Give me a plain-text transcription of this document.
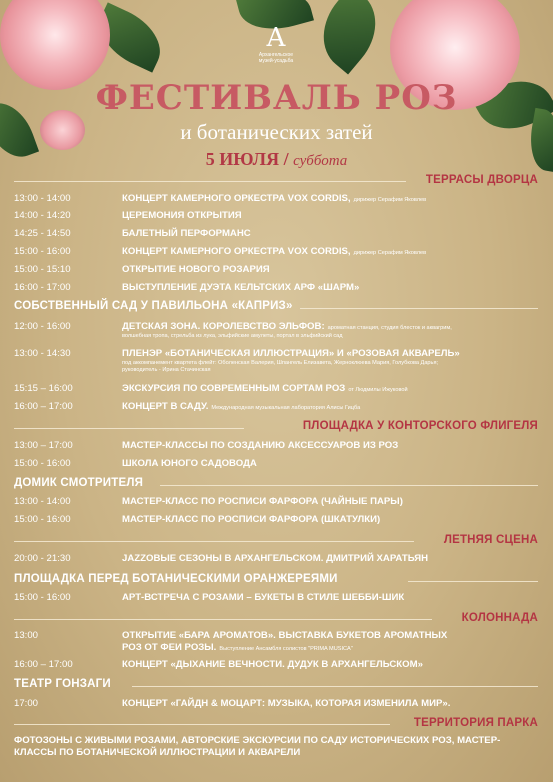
А
Архангельское
музей-усадьба
ФЕСТИВАЛЬ РОЗ
и ботанических затей
5 ИЮЛЯ / суббота
ТЕРРАСЫ ДВОРЦА
13:00 - 14:00	КОНЦЕРТ КАМЕРНОГО ОРКЕСТРА VOX CORDIS, дирижер Серафим Яковлев
14:00 - 14:20	ЦЕРЕМОНИЯ ОТКРЫТИЯ
14:25 - 14:50	БАЛЕТНЫЙ ПЕРФОРМАНС
15:00 - 16:00	КОНЦЕРТ КАМЕРНОГО ОРКЕСТРА VOX CORDIS, дирижер Серафим Яковлев
15:00 - 15:10	ОТКРЫТИЕ НОВОГО РОЗАРИЯ
16:00 - 17:00	ВЫСТУПЛЕНИЕ ДУЭТА КЕЛЬТСКИХ АРФ «ШАРМ»
СОБСТВЕННЫЙ САД У ПАВИЛЬОНА «КАПРИЗ»
12:00 - 16:00	ДЕТСКАЯ ЗОНА. КОРОЛЕВСТВО ЭЛЬФОВ: ароматная станция, студия блесток и аквагрим,
волшебная тропа, стрельба из лука, эльфийские амулеты, портал в эльфийский сад
13:00 - 14:30	ПЛЕНЭР «БОТАНИЧЕСКАЯ ИЛЛЮСТРАЦИЯ» И «РОЗОВАЯ АКВАРЕЛЬ»
под аккомпанемент квартета флейт: Оболенская Валерия, Шпангель Елизавета, Жерноклюева Мария, Голубкова Дарья;
руководитель - Ирина Стачинская
15:15 – 16:00	ЭКСКУРСИЯ ПО СОВРЕМЕННЫМ СОРТАМ РОЗ от Людмилы Ижуковой
16:00 – 17:00	КОНЦЕРТ В САДУ. Международная музыкальная лаборатория Алисы Гицба
ПЛОЩАДКА У КОНТОРСКОГО ФЛИГЕЛЯ
13:00 – 17:00	МАСТЕР-КЛАССЫ ПО СОЗДАНИЮ АКСЕССУАРОВ ИЗ РОЗ
15:00 - 16:00	ШКОЛА ЮНОГО САДОВОДА
ДОМИК СМОТРИТЕЛЯ
13:00 - 14:00	МАСТЕР-КЛАСС ПО РОСПИСИ ФАРФОРА (ЧАЙНЫЕ ПАРЫ)
15:00 - 16:00	МАСТЕР-КЛАСС ПО РОСПИСИ ФАРФОРА (ШКАТУЛКИ)
ЛЕТНЯЯ СЦЕНА
20:00 - 21:30	JAZZОВЫЕ СЕЗОНЫ В АРХАНГЕЛЬСКОМ. ДМИТРИЙ ХАРАТЬЯН
ПЛОЩАДКА ПЕРЕД БОТАНИЧЕСКИМИ ОРАНЖЕРЕЯМИ
15:00 - 16:00	АРТ-ВСТРЕЧА С РОЗАМИ – БУКЕТЫ В СТИЛЕ ШЕББИ-ШИК
КОЛОННАДА
13:00	ОТКРЫТИЕ «БАРА АРОМАТОВ». ВЫСТАВКА БУКЕТОВ АРОМАТНЫХ
РОЗ ОТ ФЕИ РОЗЫ. Выступление Ансамбля солистов "PRIMA MUSICA"
16:00 – 17:00	КОНЦЕРТ «ДЫХАНИЕ ВЕЧНОСТИ. ДУДУК В АРХАНГЕЛЬСКОМ»
ТЕАТР ГОНЗАГИ
17:00	КОНЦЕРТ «ГАЙДН & МОЦАРТ: МУЗЫКА, КОТОРАЯ ИЗМЕНИЛА МИР».
ТЕРРИТОРИЯ ПАРКА
ФОТОЗОНЫ С ЖИВЫМИ РОЗАМИ, АВТОРСКИЕ ЭКСКУРСИИ ПО САДУ ИСТОРИЧЕСКИХ РОЗ, МАСТЕР-КЛАССЫ ПО БОТАНИЧЕСКОЙ ИЛЛЮСТРАЦИИ И АКВАРЕЛИ
